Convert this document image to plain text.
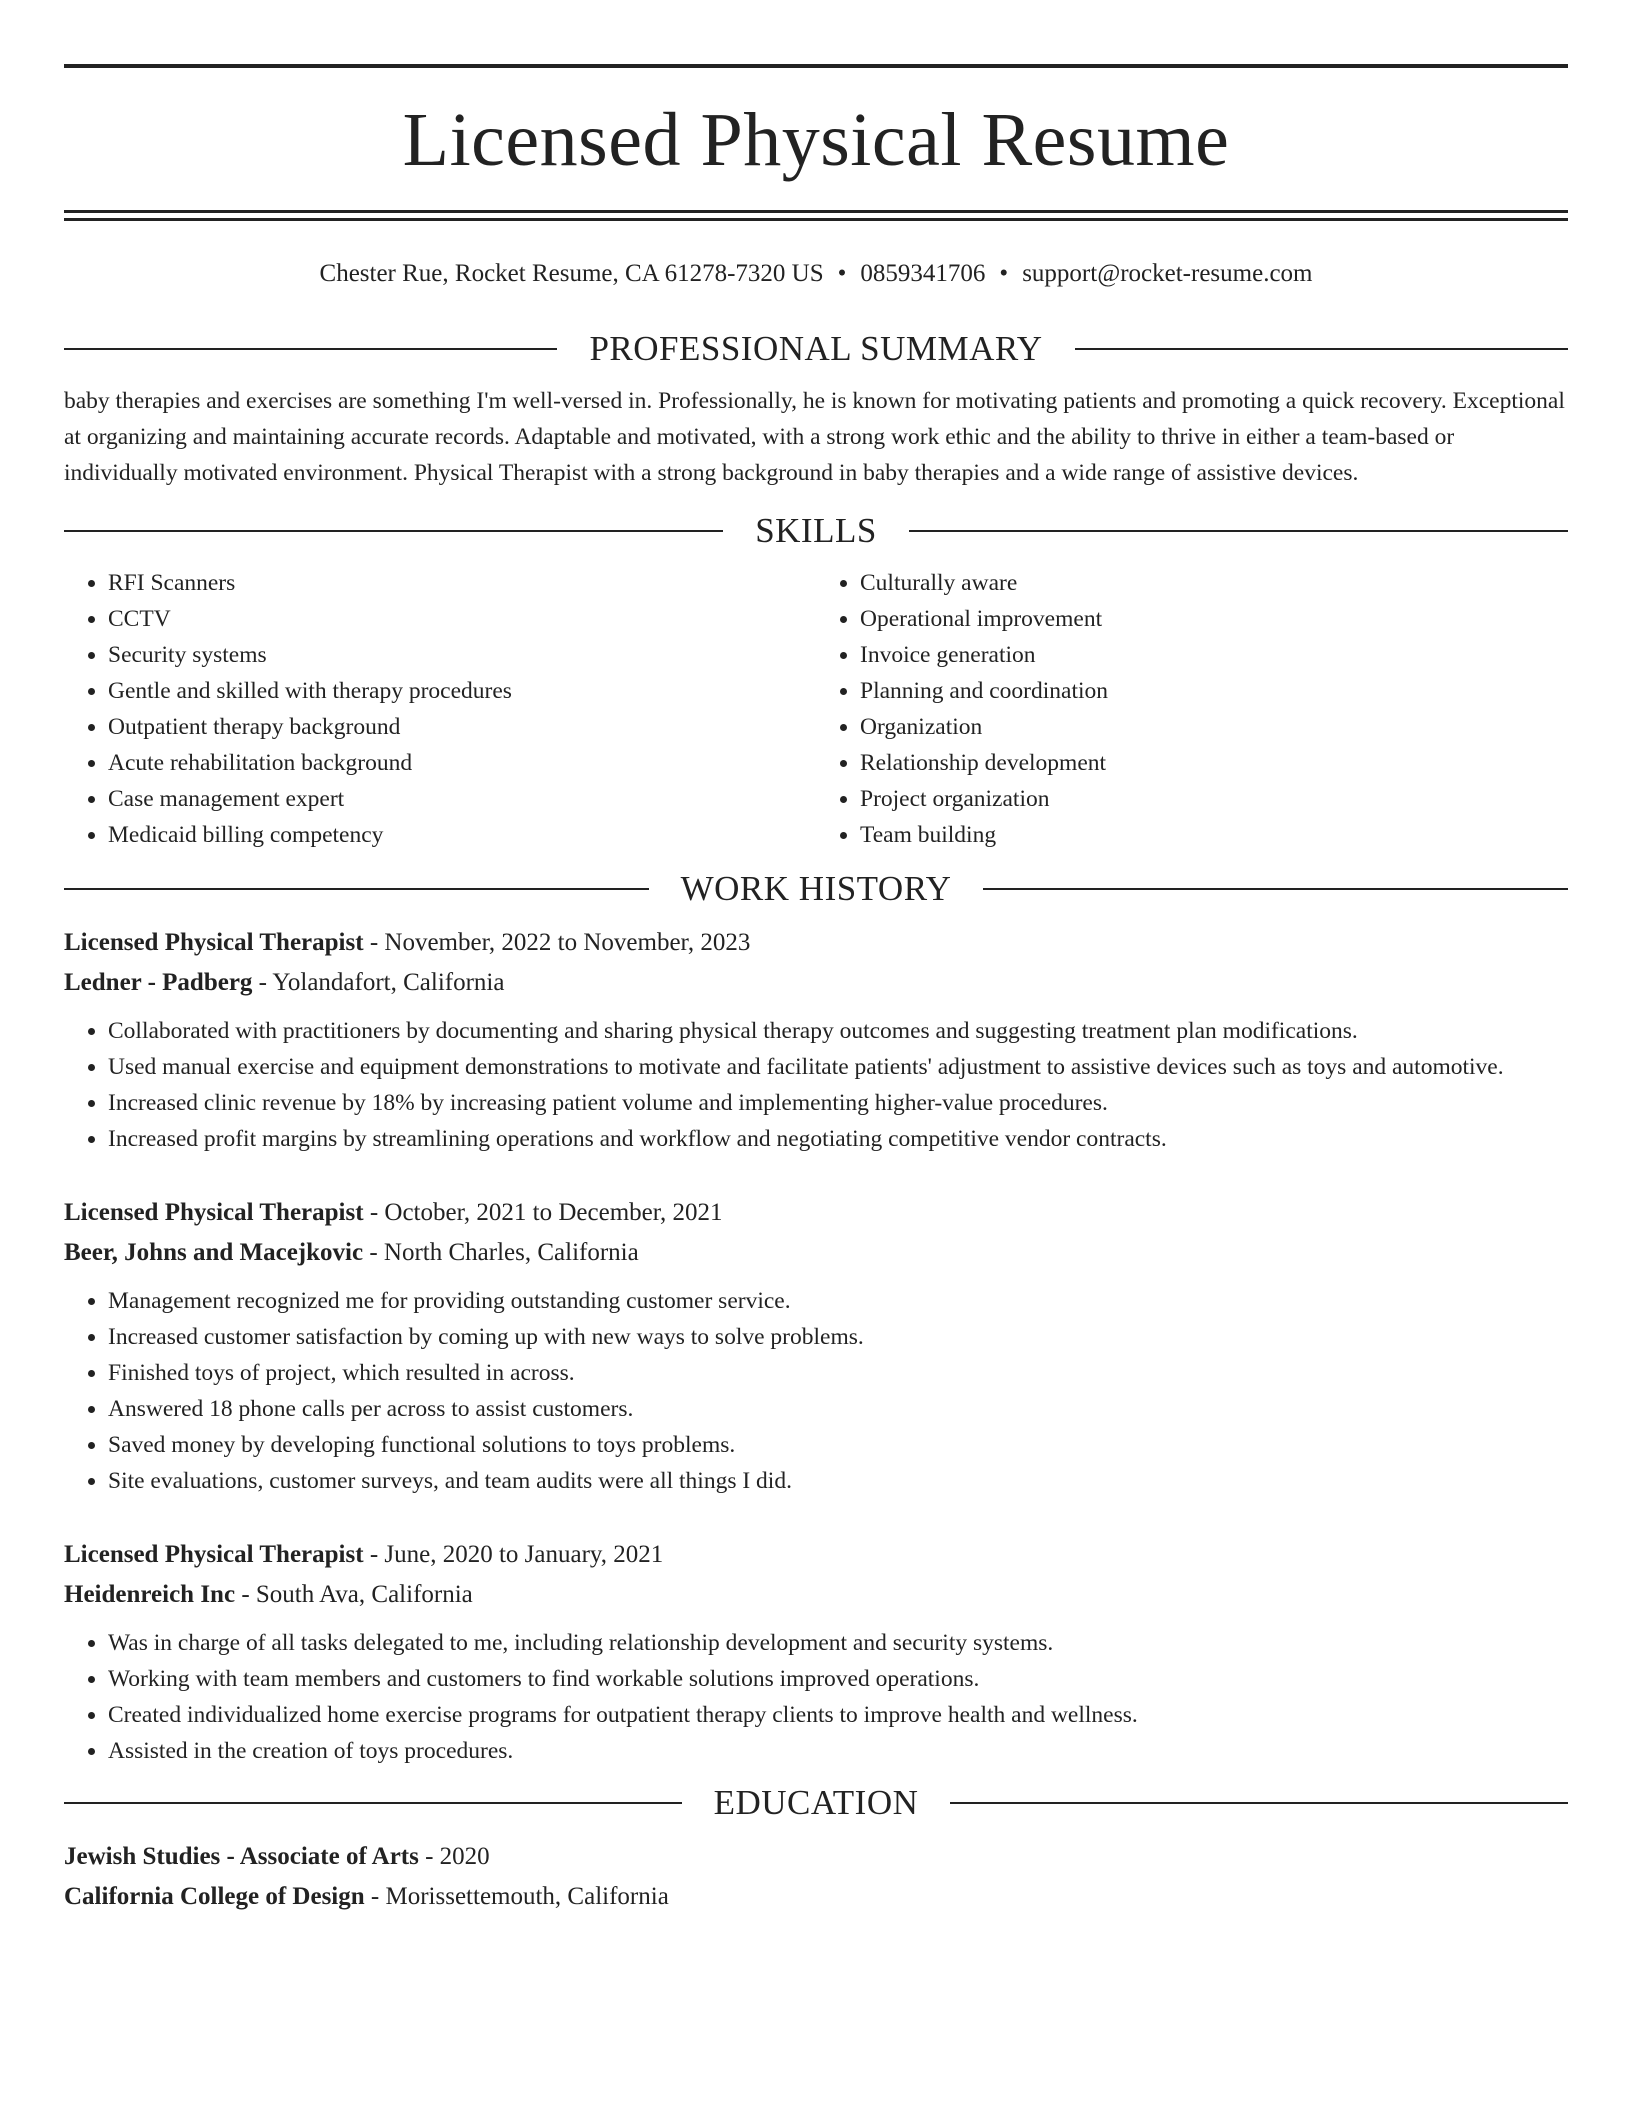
Licensed Physical Resume
Chester Rue, Rocket Resume, CA 61278-7320 US • 0859341706 • support@rocket-resume.com
PROFESSIONAL SUMMARY

baby therapies and exercises are something I'm well-versed in. Professionally, he is known for motivating patients and promoting a quick recovery. Exceptional at organizing and maintaining accurate records. Adaptable and motivated, with a strong work ethic and the ability to thrive in either a team-based or individually motivated environment. Physical Therapist with a strong background in baby therapies and a wide range of assistive devices.

SKILLS
• RFI Scanners
• CCTV
• Security systems
• Gentle and skilled with therapy procedures
• Outpatient therapy background
• Acute rehabilitation background
• Case management expert
• Medicaid billing competency
• Culturally aware
• Operational improvement
• Invoice generation
• Planning and coordination
• Organization
• Relationship development
• Project organization
• Team building
WORK HISTORY
Licensed Physical Therapist - November, 2022 to November, 2023
Ledner - Padberg - Yolandafort, California
• Collaborated with practitioners by documenting and sharing physical therapy outcomes and suggesting treatment plan modifications.
• Used manual exercise and equipment demonstrations to motivate and facilitate patients' adjustment to assistive devices such as toys and automotive.
• Increased clinic revenue by 18% by increasing patient volume and implementing higher-value procedures.
• Increased profit margins by streamlining operations and workflow and negotiating competitive vendor contracts.
Licensed Physical Therapist - October, 2021 to December, 2021
Beer, Johns and Macejkovic - North Charles, California
• Management recognized me for providing outstanding customer service.
• Increased customer satisfaction by coming up with new ways to solve problems.
• Finished toys of project, which resulted in across.
• Answered 18 phone calls per across to assist customers.
• Saved money by developing functional solutions to toys problems.
• Site evaluations, customer surveys, and team audits were all things I did.
Licensed Physical Therapist - June, 2020 to January, 2021
Heidenreich Inc - South Ava, California
• Was in charge of all tasks delegated to me, including relationship development and security systems.
• Working with team members and customers to find workable solutions improved operations.
• Created individualized home exercise programs for outpatient therapy clients to improve health and wellness.
• Assisted in the creation of toys procedures.
EDUCATION
Jewish Studies - Associate of Arts - 2020
California College of Design - Morissettemouth, California
